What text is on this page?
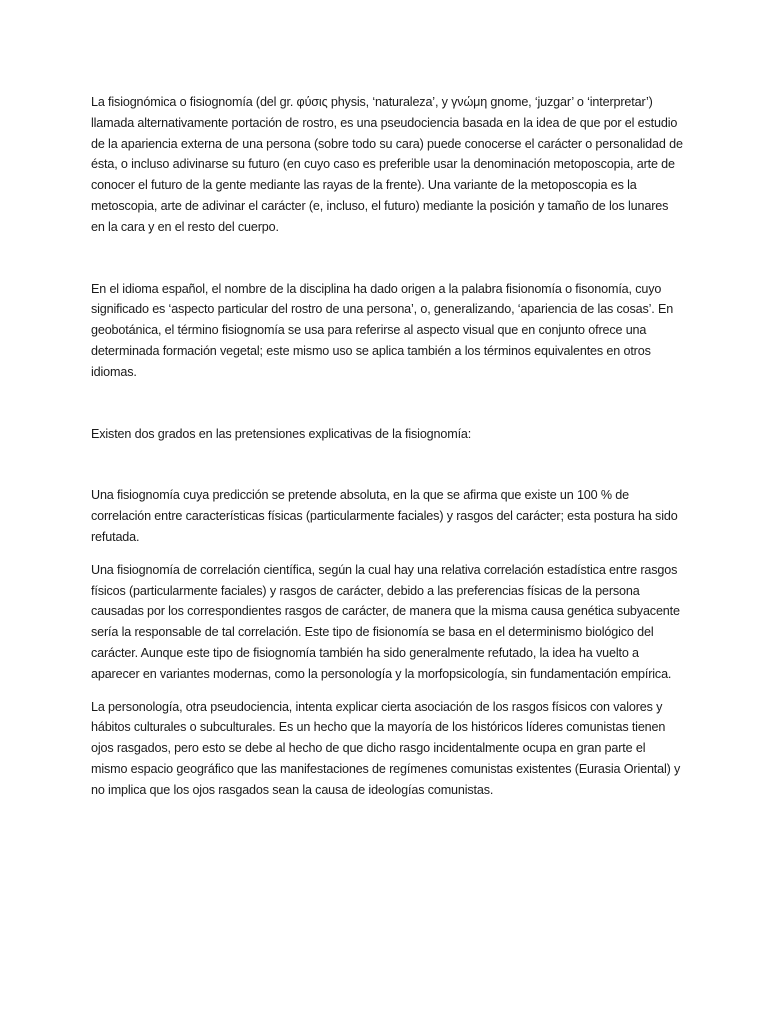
La fisiognómica o fisiognomía (del gr. φύσις physis, ‘naturaleza’, y γνώμη gnome, ‘juzgar’ o ‘interpretar’) llamada alternativamente portación de rostro, es una pseudociencia basada en la idea de que por el estudio de la apariencia externa de una persona (sobre todo su cara) puede conocerse el carácter o personalidad de ésta, o incluso adivinarse su futuro (en cuyo caso es preferible usar la denominación metoposcopia, arte de conocer el futuro de la gente mediante las rayas de la frente). Una variante de la metoposcopia es la metoscopia, arte de adivinar el carácter (e, incluso, el futuro) mediante la posición y tamaño de los lunares en la cara y en el resto del cuerpo.

En el idioma español, el nombre de la disciplina ha dado origen a la palabra fisionomía o fisonomía, cuyo significado es ‘aspecto particular del rostro de una persona’, o, generalizando, ‘apariencia de las cosas’. En geobotánica, el término fisiognomía se usa para referirse al aspecto visual que en conjunto ofrece una determinada formación vegetal; este mismo uso se aplica también a los términos equivalentes en otros idiomas.

Existen dos grados en las pretensiones explicativas de la fisiognomía:

Una fisiognomía cuya predicción se pretende absoluta, en la que se afirma que existe un 100 % de correlación entre características físicas (particularmente faciales) y rasgos del carácter; esta postura ha sido refutada.

Una fisiognomía de correlación científica, según la cual hay una relativa correlación estadística entre rasgos físicos (particularmente faciales) y rasgos de carácter, debido a las preferencias físicas de la persona causadas por los correspondientes rasgos de carácter, de manera que la misma causa genética subyacente sería la responsable de tal correlación. Este tipo de fisionomía se basa en el determinismo biológico del carácter. Aunque este tipo de fisiognomía también ha sido generalmente refutado, la idea ha vuelto a aparecer en variantes modernas, como la personología y la morfopsicología, sin fundamentación empírica.

La personología, otra pseudociencia, intenta explicar cierta asociación de los rasgos físicos con valores y hábitos culturales o subculturales. Es un hecho que la mayoría de los históricos líderes comunistas tienen ojos rasgados, pero esto se debe al hecho de que dicho rasgo incidentalmente ocupa en gran parte el mismo espacio geográfico que las manifestaciones de regímenes comunistas existentes (Eurasia Oriental) y no implica que los ojos rasgados sean la causa de ideologías comunistas.
